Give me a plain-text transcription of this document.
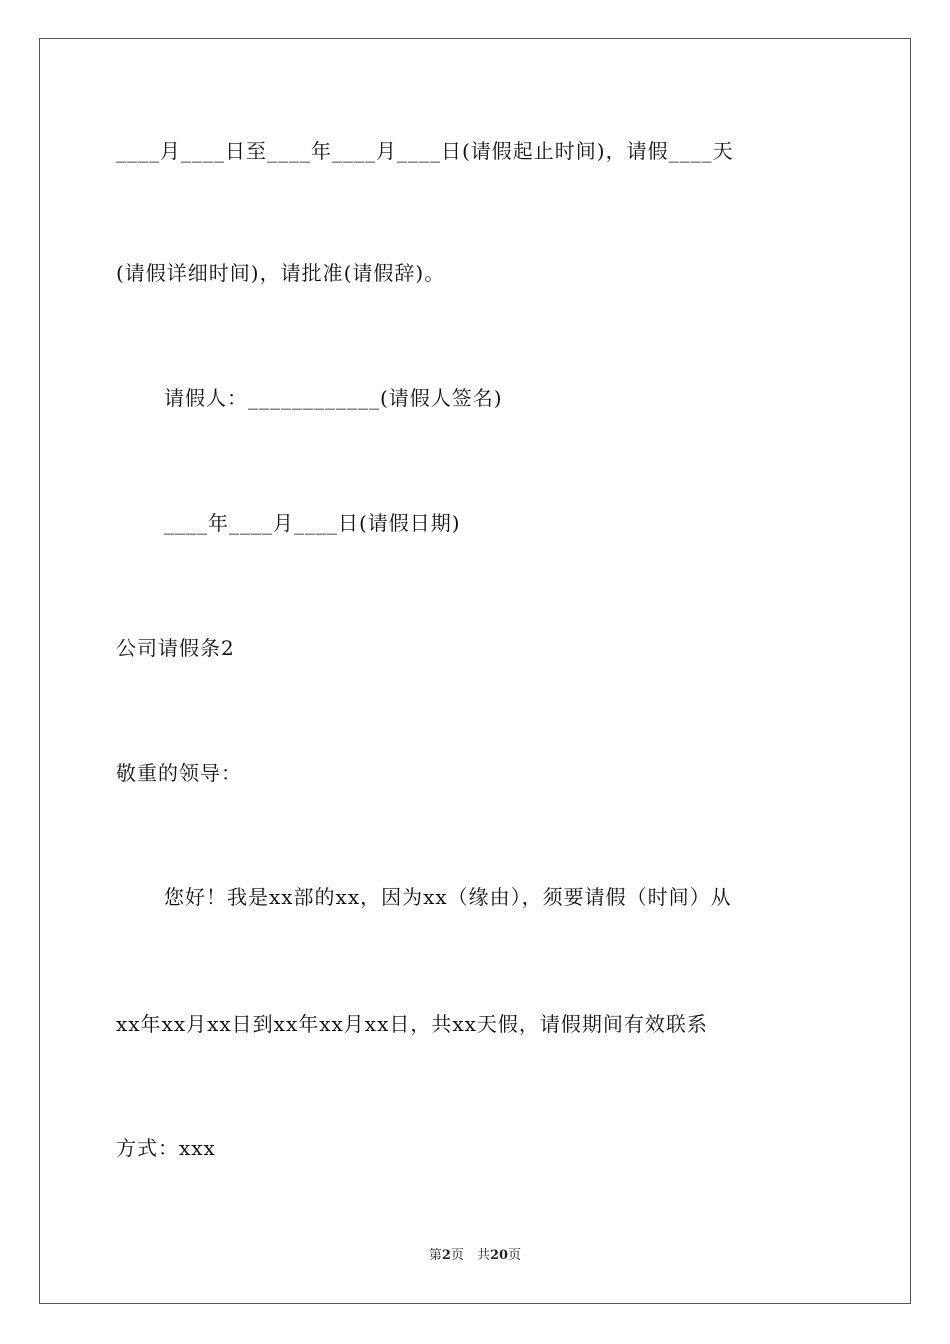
____月____日至____年____月____日(请假起止时间)，请假____天
(请假详细时间)，请批准(请假辞)。
请假人：____________(请假人签名)
____年____月____日(请假日期)
公司请假条2
敬重的领导：
您好！我是xx部的xx，因为xx（缘由），须要请假（时间）从
xx年xx月xx日到xx年xx月xx日，共xx天假，请假期间有效联系
方式：xxx
第2页　共20页
